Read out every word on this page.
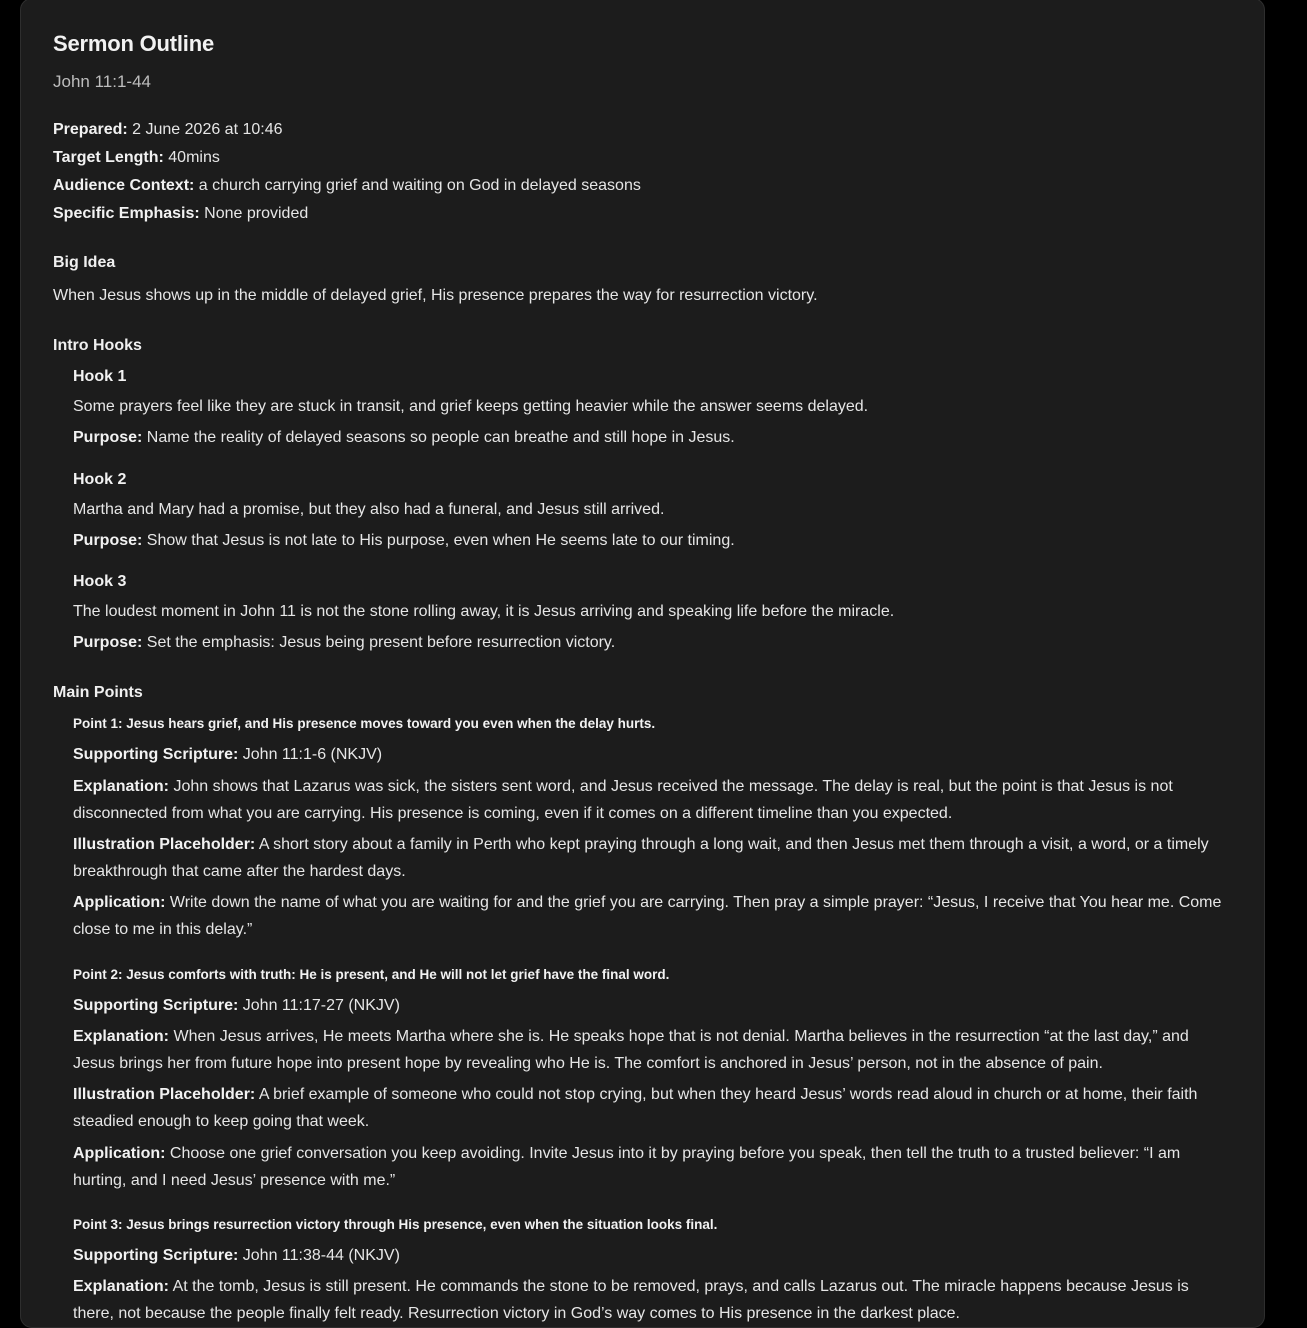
Sermon Outline
John 11:1-44
Prepared: 2 June 2026 at 10:46
Target Length: 40mins
Audience Context: a church carrying grief and waiting on God in delayed seasons
Specific Emphasis: None provided
Big Idea
When Jesus shows up in the middle of delayed grief, His presence prepares the way for resurrection victory.
Intro Hooks
Hook 1
Some prayers feel like they are stuck in transit, and grief keeps getting heavier while the answer seems delayed.
Purpose: Name the reality of delayed seasons so people can breathe and still hope in Jesus.
Hook 2
Martha and Mary had a promise, but they also had a funeral, and Jesus still arrived.
Purpose: Show that Jesus is not late to His purpose, even when He seems late to our timing.
Hook 3
The loudest moment in John 11 is not the stone rolling away, it is Jesus arriving and speaking life before the miracle.
Purpose: Set the emphasis: Jesus being present before resurrection victory.
Main Points
Point 1: Jesus hears grief, and His presence moves toward you even when the delay hurts.
Supporting Scripture: John 11:1-6 (NKJV)
Explanation: John shows that Lazarus was sick, the sisters sent word, and Jesus received the message. The delay is real, but the point is that Jesus is not disconnected from what you are carrying. His presence is coming, even if it comes on a different timeline than you expected.
Illustration Placeholder: A short story about a family in Perth who kept praying through a long wait, and then Jesus met them through a visit, a word, or a timely breakthrough that came after the hardest days.
Application: Write down the name of what you are waiting for and the grief you are carrying. Then pray a simple prayer: “Jesus, I receive that You hear me. Come close to me in this delay.”
Point 2: Jesus comforts with truth: He is present, and He will not let grief have the final word.
Supporting Scripture: John 11:17-27 (NKJV)
Explanation: When Jesus arrives, He meets Martha where she is. He speaks hope that is not denial. Martha believes in the resurrection “at the last day,” and Jesus brings her from future hope into present hope by revealing who He is. The comfort is anchored in Jesus’ person, not in the absence of pain.
Illustration Placeholder: A brief example of someone who could not stop crying, but when they heard Jesus’ words read aloud in church or at home, their faith steadied enough to keep going that week.
Application: Choose one grief conversation you keep avoiding. Invite Jesus into it by praying before you speak, then tell the truth to a trusted believer: “I am hurting, and I need Jesus’ presence with me.”
Point 3: Jesus brings resurrection victory through His presence, even when the situation looks final.
Supporting Scripture: John 11:38-44 (NKJV)
Explanation: At the tomb, Jesus is still present. He commands the stone to be removed, prays, and calls Lazarus out. The miracle happens because Jesus is there, not because the people finally felt ready. Resurrection victory in God’s way comes to His presence in the darkest place.
